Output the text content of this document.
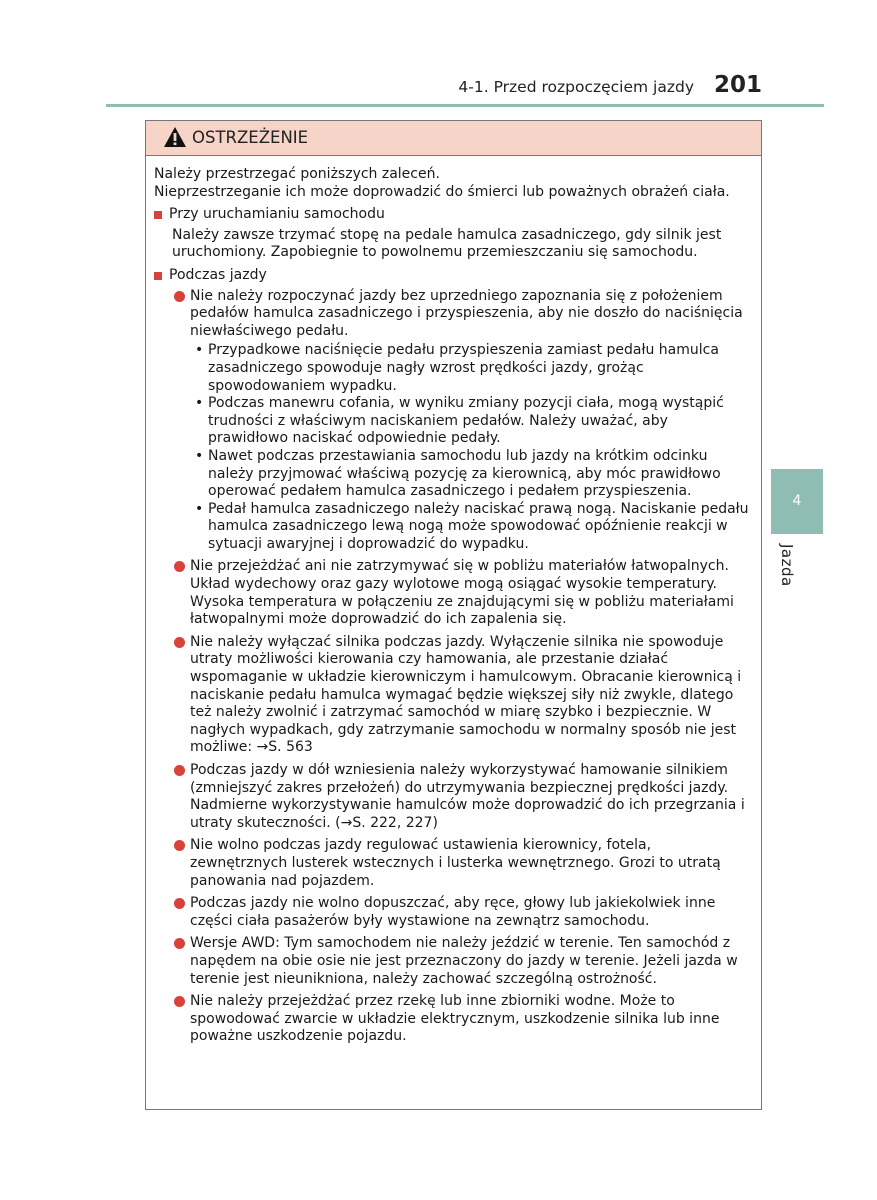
4-1. Przed rozpoczęciem jazdy 201
4
Jazda
OSTRZEŻENIE

Należy przestrzegać poniższych zaleceń.

Nieprzestrzeganie ich może doprowadzić do śmierci lub poważnych obrażeń ciała.

Przy uruchamianiu samochodu

Należy zawsze trzymać stopę na pedale hamulca zasadniczego, gdy silnik jest uruchomiony. Zapobiegnie to powolnemu przemieszczaniu się samochodu.

Podczas jazdy
Nie należy rozpoczynać jazdy bez uprzedniego zapoznania się z położeniem pedałów hamulca zasadniczego i przyspieszenia, aby nie doszło do naciśnięcia niewłaściwego pedału.
• Przypadkowe naciśnięcie pedału przyspieszenia zamiast pedału hamulca zasadniczego spowoduje nagły wzrost prędkości jazdy, grożąc spowodowaniem wypadku.
• Podczas manewru cofania, w wyniku zmiany pozycji ciała, mogą wystąpić trudności z właściwym naciskaniem pedałów. Należy uważać, aby prawidłowo naciskać odpowiednie pedały.
• Nawet podczas przestawiania samochodu lub jazdy na krótkim odcinku należy przyjmować właściwą pozycję za kierownicą, aby móc prawidłowo operować pedałem hamulca zasadniczego i pedałem przyspieszenia.
• Pedał hamulca zasadniczego należy naciskać prawą nogą. Naciskanie pedału hamulca zasadniczego lewą nogą może spowodować opóźnienie reakcji w sytuacji awaryjnej i doprowadzić do wypadku.
Nie przejeżdżać ani nie zatrzymywać się w pobliżu materiałów łatwopalnych. Układ wydechowy oraz gazy wylotowe mogą osiągać wysokie temperatury. Wysoka temperatura w połączeniu ze znajdującymi się w pobliżu materiałami łatwopalnymi może doprowadzić do ich zapalenia się.
Nie należy wyłączać silnika podczas jazdy. Wyłączenie silnika nie spowoduje utraty możliwości kierowania czy hamowania, ale przestanie działać wspomaganie w układzie kierowniczym i hamulcowym. Obracanie kierownicą i naciskanie pedału hamulca wymagać będzie większej siły niż zwykle, dlatego też należy zwolnić i zatrzymać samochód w miarę szybko i bezpiecznie. W nagłych wypadkach, gdy zatrzymanie samochodu w normalny sposób nie jest możliwe: →S. 563
Podczas jazdy w dół wzniesienia należy wykorzystywać hamowanie silnikiem (zmniejszyć zakres przełożeń) do utrzymywania bezpiecznej prędkości jazdy. Nadmierne wykorzystywanie hamulców może doprowadzić do ich przegrzania i utraty skuteczności. (→S. 222, 227)
Nie wolno podczas jazdy regulować ustawienia kierownicy, fotela, zewnętrznych lusterek wstecznych i lusterka wewnętrznego. Grozi to utratą panowania nad pojazdem.
Podczas jazdy nie wolno dopuszczać, aby ręce, głowy lub jakiekolwiek inne części ciała pasażerów były wystawione na zewnątrz samochodu.
Wersje AWD: Tym samochodem nie należy jeździć w terenie. Ten samochód z napędem na obie osie nie jest przeznaczony do jazdy w terenie. Jeżeli jazda w terenie jest nieunikniona, należy zachować szczególną ostrożność.
Nie należy przejeżdżać przez rzekę lub inne zbiorniki wodne. Może to spowodować zwarcie w układzie elektrycznym, uszkodzenie silnika lub inne poważne uszkodzenie pojazdu.
